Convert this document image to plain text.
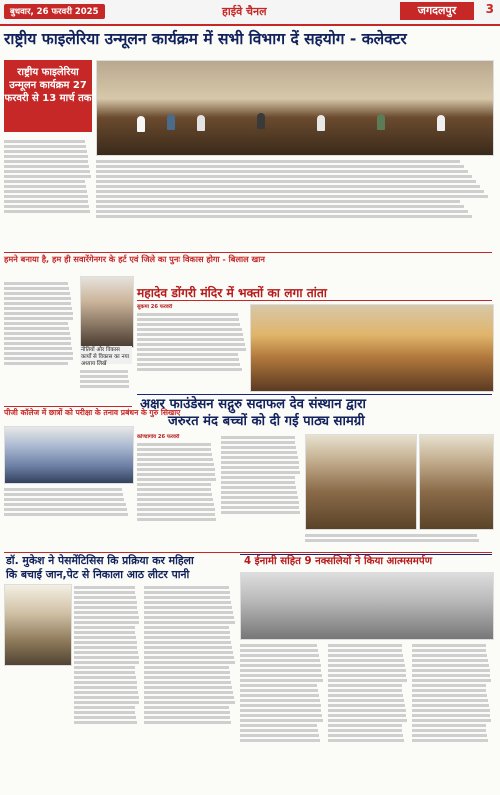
बुधवार, 26 फरवरी 2025	हाईवे चैनल	जगदलपुर	3
राष्ट्रीय फाइलेरिया उन्मूलन कार्यक्रम में सभी विभाग दें सहयोग - कलेक्टर
राष्ट्रीय फाइलेरिया उन्मूलन कार्यक्रम 27 फरवरी से 13 मार्च तक
हमने बनाया है, हम ही सवारेंगेनगर के हर्ट एवं जिले का पुनः विकास होगा - बिलाल खान
नीतियों और विकास कार्यों से विकास का नया अध्याय लिखें
पीजी कॉलेज में छात्रों को परीक्षा के तनाव प्रबंधन के गुरु सिखाए
महादेव डोंगरी मंदिर में भक्तों का लगा तांता
सुकमा 26 फरवरी
अक्षर फाउंडेसन सद्गुरु सदाफल देव संस्थान द्वारा
जरुरत मंद बच्चों को दी गई पाठ्य सामग्री
कोण्डागांव 26 फरवरी
डॉ. मुकेश ने पेसमेंटिसिस कि प्रक्रिया कर महिला
कि बचाई जान,पेट से निकाला आठ लीटर पानी
4 ईनामी सहित 9 नक्सलियों ने किया आत्मसमर्पण
